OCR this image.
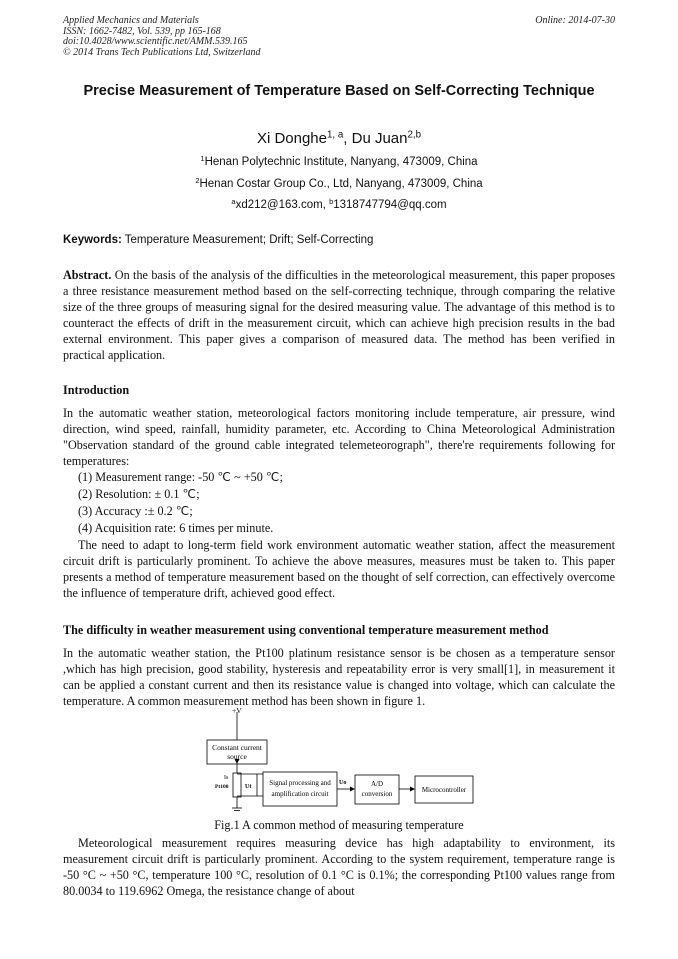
Applied Mechanics and Materials
ISSN: 1662-7482, Vol. 539, pp 165-168
doi:10.4028/www.scientific.net/AMM.539.165
© 2014 Trans Tech Publications Ltd, Switzerland
Online: 2014-07-30
Precise Measurement of Temperature Based on Self-Correcting Technique
Xi Donghe$^{1, a}$, Du Juan$^{2,b}$
$^1$Henan Polytechnic Institute, Nanyang, 473009, China
$^2$Henan Costar Group Co., Ltd, Nanyang, 473009, China
$^a$xd212@163.com, $^b$1318747794@qq.com
Keywords: Temperature Measurement; Drift; Self-Correcting
Abstract. On the basis of the analysis of the difficulties in the meteorological measurement, this paper proposes a three resistance measurement method based on the self-correcting technique, through comparing the relative size of the three groups of measuring signal for the desired measuring value. The advantage of this method is to counteract the effects of drift in the measurement circuit, which can achieve high precision results in the bad external environment. This paper gives a comparison of measured data. The method has been verified in practical application.
Introduction
In the automatic weather station, meteorological factors monitoring include temperature, air pressure, wind direction, wind speed, rainfall, humidity parameter, etc. According to China Meteorological Administration "Observation standard of the ground cable integrated telemeteorograph", there're requirements following for temperatures:
(1) Measurement range: -50 ℃ ~ +50 ℃;
(2) Resolution: ± 0.1 ℃;
(3) Accuracy :± 0.2 ℃;
(4) Acquisition rate: 6 times per minute.
The need to adapt to long-term field work environment automatic weather station, affect the measurement circuit drift is particularly prominent. To achieve the above measures, measures must be taken to. This paper presents a method of temperature measurement based on the thought of self correction, can effectively overcome the influence of temperature drift, achieved good effect.
The difficulty in weather measurement using conventional temperature measurement method
In the automatic weather station, the Pt100 platinum resistance sensor is be chosen as a temperature sensor ,which has high precision, good stability, hysteresis and repeatability error is very small[1], in measurement it can be applied a constant current and then its resistance value is changed into voltage, which can calculate the temperature. A common measurement method has been shown in figure 1.
+V
Constant current
source
Is
Pt100	Ut	Signal processing and
amplification circuit
Uo	A/D
conversion	Microcontroller
Fig.1 A common method of measuring temperature
Meteorological measurement requires measuring device has high adaptability to environment, its measurement circuit drift is particularly prominent. According to the system requirement, temperature range is -50 °C ~ +50 °C, temperature 100 °C, resolution of 0.1 °C is 0.1%; the corresponding Pt100 values range from 80.0034 to 119.6962 Omega, the resistance change of about
